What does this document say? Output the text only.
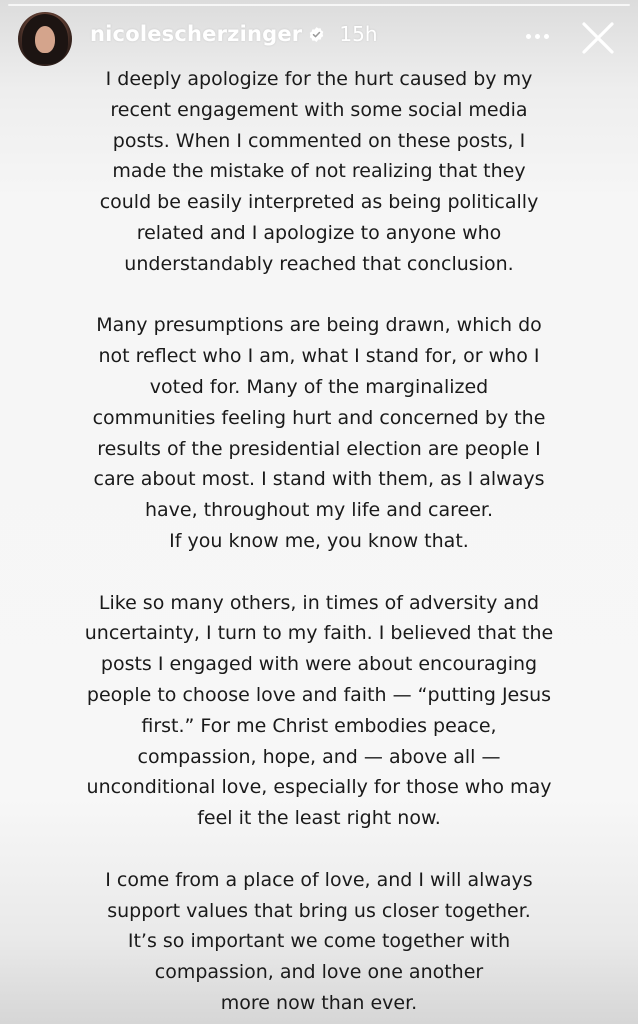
nicolescherzinger 15h

I deeply apologize for the hurt caused by my
recent engagement with some social media
posts. When I commented on these posts, I
made the mistake of not realizing that they
could be easily interpreted as being politically
related and I apologize to anyone who
understandably reached that conclusion.

Many presumptions are being drawn, which do
not reflect who I am, what I stand for, or who I
voted for. Many of the marginalized
communities feeling hurt and concerned by the
results of the presidential election are people I
care about most. I stand with them, as I always
have, throughout my life and career.
If you know me, you know that.

Like so many others, in times of adversity and
uncertainty, I turn to my faith. I believed that the
posts I engaged with were about encouraging
people to choose love and faith — “putting Jesus
first.” For me Christ embodies peace,
compassion, hope, and — above all —
unconditional love, especially for those who may
feel it the least right now.

I come from a place of love, and I will always
support values that bring us closer together.
It’s so important we come together with
compassion, and love one another
more now than ever.
